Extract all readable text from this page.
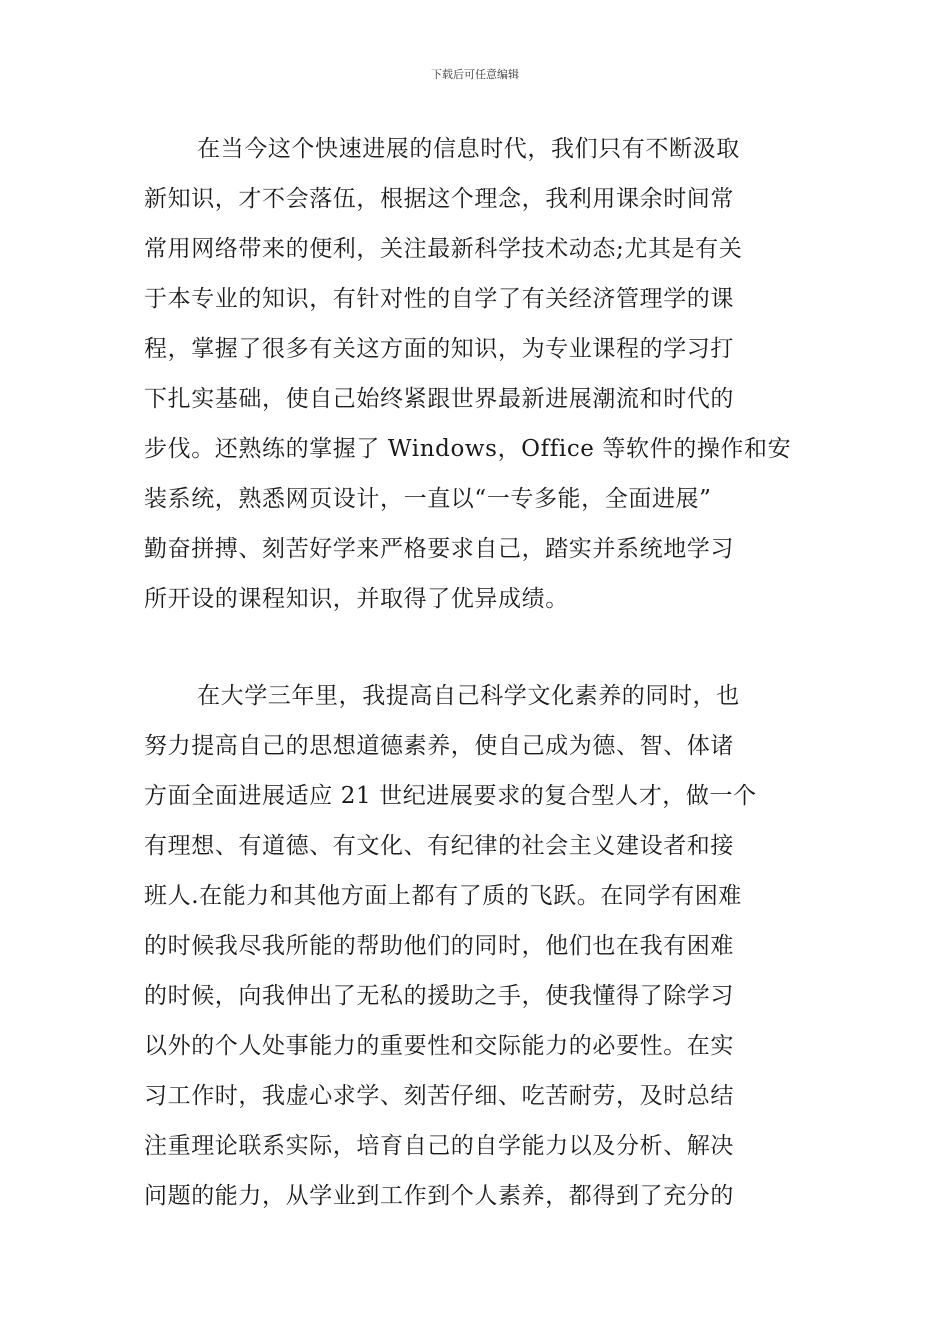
下载后可任意编辑
在当今这个快速进展的信息时代，我们只有不断汲取
新知识，才不会落伍，根据这个理念，我利用课余时间常
常用网络带来的便利，关注最新科学技术动态;尤其是有关
于本专业的知识，有针对性的自学了有关经济管理学的课
程，掌握了很多有关这方面的知识，为专业课程的学习打
下扎实基础，使自己始终紧跟世界最新进展潮流和时代的
步伐。还熟练的掌握了 Windows，Office 等软件的操作和安
装系统，熟悉网页设计，一直以“一专多能，全面进展”
勤奋拼搏、刻苦好学来严格要求自己，踏实并系统地学习
所开设的课程知识，并取得了优异成绩。
在大学三年里，我提高自己科学文化素养的同时，也
努力提高自己的思想道德素养，使自己成为德、智、体诸
方面全面进展适应 21 世纪进展要求的复合型人才，做一个
有理想、有道德、有文化、有纪律的社会主义建设者和接
班人.在能力和其他方面上都有了质的飞跃。在同学有困难
的时候我尽我所能的帮助他们的同时，他们也在我有困难
的时候，向我伸出了无私的援助之手，使我懂得了除学习
以外的个人处事能力的重要性和交际能力的必要性。在实
习工作时，我虚心求学、刻苦仔细、吃苦耐劳，及时总结
注重理论联系实际，培育自己的自学能力以及分析、解决
问题的能力，从学业到工作到个人素养，都得到了充分的
